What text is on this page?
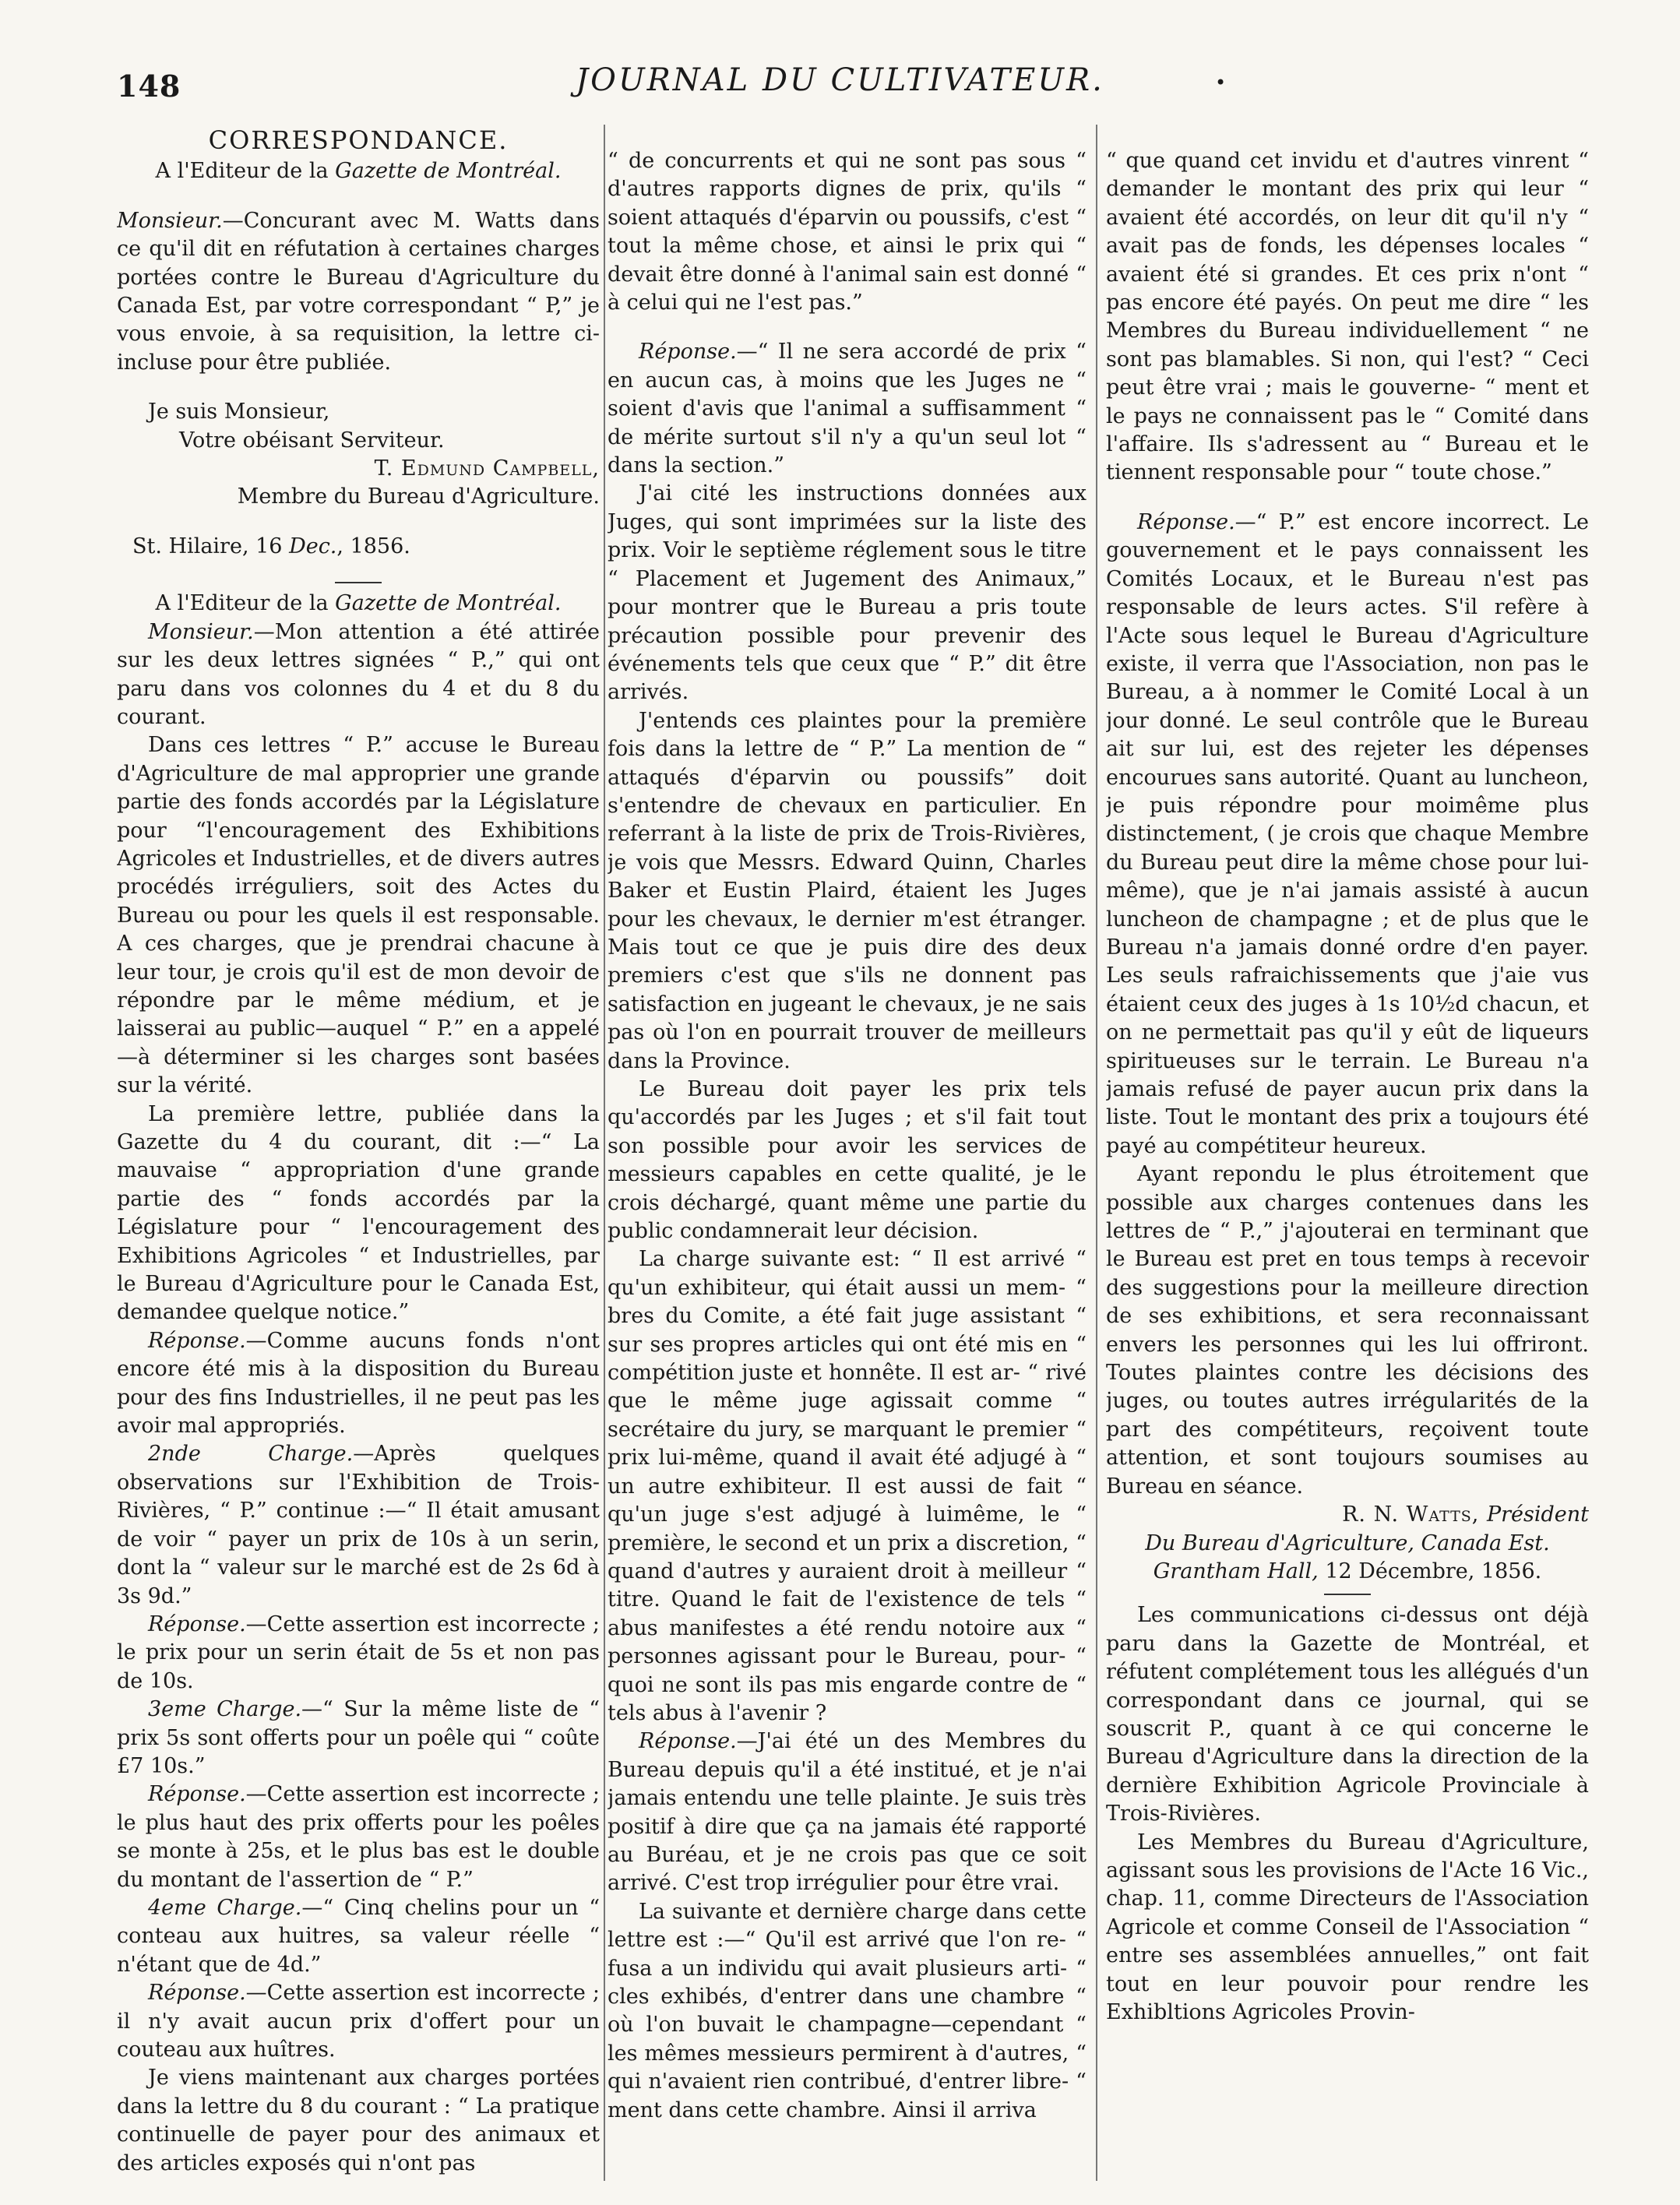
148	JOURNAL DU CULTIVATEUR.	•
CORRESPONDANCE.

A l'Editeur de la Gazette de Montréal.

Monsieur.—Concurant avec M. Watts dans ce qu'il dit en réfutation à certaines charges portées contre le Bureau d'Agriculture du Canada Est, par votre correspondant “ P,” je vous envoie, à sa requisition, la lettre ci-incluse pour être publiée.

Je suis Monsieur,

Votre obéisant Serviteur.

T. Edmund Campbell,

Membre du Bureau d'Agriculture.

St. Hilaire, 16 Dec., 1856.

A l'Editeur de la Gazette de Montréal.

Monsieur.—Mon attention a été attirée sur les deux lettres signées “ P.,” qui ont paru dans vos colonnes du 4 et du 8 du courant.

Dans ces lettres “ P.” accuse le Bureau d'Agriculture de mal approprier une grande partie des fonds accordés par la Législature pour “l'encouragement des Exhibitions Agricoles et Industrielles, et de divers autres procédés irréguliers, soit des Actes du Bureau ou pour les quels il est responsable. A ces charges, que je prendrai chacune à leur tour, je crois qu'il est de mon devoir de répondre par le même médium, et je laisserai au public—auquel “ P.” en a appelé—à déterminer si les charges sont basées sur la vérité.

La première lettre, publiée dans la Gazette du 4 du courant, dit :—“ La mauvaise “ appropriation d'une grande partie des “ fonds accordés par la Législature pour “ l'encouragement des Exhibitions Agricoles “ et Industrielles, par le Bureau d'Agriculture pour le Canada Est, demandee quelque notice.”

Réponse.—Comme aucuns fonds n'ont encore été mis à la disposition du Bureau pour des fins Industrielles, il ne peut pas les avoir mal appropriés.

2nde Charge.—Après quelques observations sur l'Exhibition de Trois-Rivières, “ P.” continue :—“ Il était amusant de voir “ payer un prix de 10s à un serin, dont la “ valeur sur le marché est de 2s 6d à 3s 9d.”

Réponse.—Cette assertion est incorrecte ; le prix pour un serin était de 5s et non pas de 10s.

3eme Charge.—“ Sur la même liste de “ prix 5s sont offerts pour un poêle qui “ coûte £7 10s.”

Réponse.—Cette assertion est incorrecte ; le plus haut des prix offerts pour les poêles se monte à 25s, et le plus bas est le double du montant de l'assertion de “ P.”

4eme Charge.—“ Cinq chelins pour un “ conteau aux huitres, sa valeur réelle “ n'étant que de 4d.”

Réponse.—Cette assertion est incorrecte ; il n'y avait aucun prix d'offert pour un couteau aux huîtres.

Je viens maintenant aux charges portées dans la lettre du 8 du courant : “ La pratique continuelle de payer pour des animaux et des articles exposés qui n'ont pas

“ de concurrents et qui ne sont pas sous “ d'autres rapports dignes de prix, qu'ils “ soient attaqués d'éparvin ou poussifs, c'est “ tout la même chose, et ainsi le prix qui “ devait être donné à l'animal sain est donné “ à celui qui ne l'est pas.”

Réponse.—“ Il ne sera accordé de prix “ en aucun cas, à moins que les Juges ne “ soient d'avis que l'animal a suffisamment “ de mérite surtout s'il n'y a qu'un seul lot “ dans la section.”

J'ai cité les instructions données aux Juges, qui sont imprimées sur la liste des prix. Voir le septième réglement sous le titre “ Placement et Jugement des Animaux,” pour montrer que le Bureau a pris toute précaution possible pour prevenir des événements tels que ceux que “ P.” dit être arrivés.

J'entends ces plaintes pour la première fois dans la lettre de “ P.” La mention de “ attaqués d'éparvin ou poussifs” doit s'entendre de chevaux en particulier. En referrant à la liste de prix de Trois-Rivières, je vois que Messrs. Edward Quinn, Charles Baker et Eustin Plaird, étaient les Juges pour les chevaux, le dernier m'est étranger. Mais tout ce que je puis dire des deux premiers c'est que s'ils ne donnent pas satisfaction en jugeant le chevaux, je ne sais pas où l'on en pourrait trouver de meilleurs dans la Province.

Le Bureau doit payer les prix tels qu'accordés par les Juges ; et s'il fait tout son possible pour avoir les services de messieurs capables en cette qualité, je le crois déchargé, quant même une partie du public condamnerait leur décision.

La charge suivante est: “ Il est arrivé “ qu'un exhibiteur, qui était aussi un mem- “ bres du Comite, a été fait juge assistant “ sur ses propres articles qui ont été mis en “ compétition juste et honnête. Il est ar- “ rivé que le même juge agissait comme “ secrétaire du jury, se marquant le premier “ prix lui-même, quand il avait été adjugé à “ un autre exhibiteur. Il est aussi de fait “ qu'un juge s'est adjugé à luimême, le “ première, le second et un prix a discretion, “ quand d'autres y auraient droit à meilleur “ titre. Quand le fait de l'existence de tels “ abus manifestes a été rendu notoire aux “ personnes agissant pour le Bureau, pour- “ quoi ne sont ils pas mis engarde contre de “ tels abus à l'avenir ?

Réponse.—J'ai été un des Membres du Bureau depuis qu'il a été institué, et je n'ai jamais entendu une telle plainte. Je suis très positif à dire que ça na jamais été rapporté au Buréau, et je ne crois pas que ce soit arrivé. C'est trop irrégulier pour être vrai.

La suivante et dernière charge dans cette lettre est :—“ Qu'il est arrivé que l'on re- “ fusa a un individu qui avait plusieurs arti- “ cles exhibés, d'entrer dans une chambre “ où l'on buvait le champagne—cependant “ les mêmes messieurs permirent à d'autres, “ qui n'avaient rien contribué, d'entrer libre- “ ment dans cette chambre. Ainsi il arriva

“ que quand cet invidu et d'autres vinrent “ demander le montant des prix qui leur “ avaient été accordés, on leur dit qu'il n'y “ avait pas de fonds, les dépenses locales “ avaient été si grandes. Et ces prix n'ont “ pas encore été payés. On peut me dire “ les Membres du Bureau individuellement “ ne sont pas blamables. Si non, qui l'est? “ Ceci peut être vrai ; mais le gouverne- “ ment et le pays ne connaissent pas le “ Comité dans l'affaire. Ils s'adressent au “ Bureau et le tiennent responsable pour “ toute chose.”

Réponse.—“ P.” est encore incorrect. Le gouvernement et le pays connaissent les Comités Locaux, et le Bureau n'est pas responsable de leurs actes. S'il refère à l'Acte sous lequel le Bureau d'Agriculture existe, il verra que l'Association, non pas le Bureau, a à nommer le Comité Local à un jour donné. Le seul contrôle que le Bureau ait sur lui, est des rejeter les dépenses encourues sans autorité. Quant au luncheon, je puis répondre pour moimême plus distinctement, ( je crois que chaque Membre du Bureau peut dire la même chose pour lui-même), que je n'ai jamais assisté à aucun luncheon de champagne ; et de plus que le Bureau n'a jamais donné ordre d'en payer. Les seuls rafraichissements que j'aie vus étaient ceux des juges à 1s 10½d chacun, et on ne permettait pas qu'il y eût de liqueurs spiritueuses sur le terrain. Le Bureau n'a jamais refusé de payer aucun prix dans la liste. Tout le montant des prix a toujours été payé au compétiteur heureux.

Ayant repondu le plus étroitement que possible aux charges contenues dans les lettres de “ P.,” j'ajouterai en terminant que le Bureau est pret en tous temps à recevoir des suggestions pour la meilleure direction de ses exhibitions, et sera reconnaissant envers les personnes qui les lui offriront. Toutes plaintes contre les décisions des juges, ou toutes autres irrégularités de la part des compétiteurs, reçoivent toute attention, et sont toujours soumises au Bureau en séance.

R. N. Watts, Président

Du Bureau d'Agriculture, Canada Est.

Grantham Hall, 12 Décembre, 1856.

Les communications ci-dessus ont déjà paru dans la Gazette de Montréal, et réfutent complétement tous les allégués d'un correspondant dans ce journal, qui se souscrit P., quant à ce qui concerne le Bureau d'Agriculture dans la direction de la dernière Exhibition Agricole Provinciale à Trois-Rivières.

Les Membres du Bureau d'Agriculture, agissant sous les provisions de l'Acte 16 Vic., chap. 11, comme Directeurs de l'Association Agricole et comme Conseil de l'Association “ entre ses assemblées annuelles,” ont fait tout en leur pouvoir pour rendre les Exhibltions Agricoles Provin-
